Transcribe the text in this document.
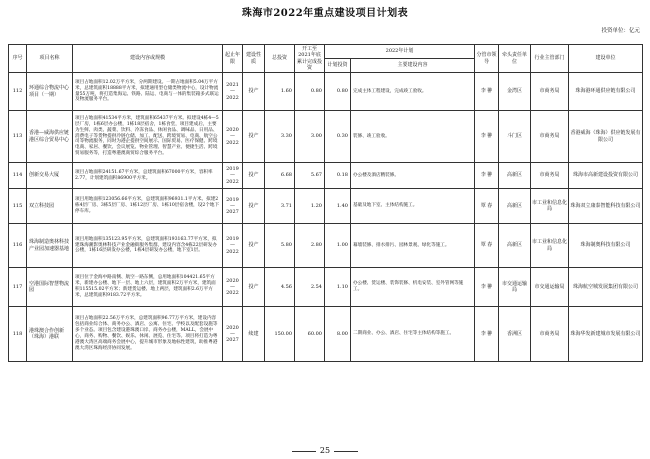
珠海市2022年重点建设项目计划表
投资单位：亿元
序号	项目名称	建设内容或规模	起止年限	建设性质	总投资	开工至2021年底累计完成投资	2022年计划		分管市领导	牵头责任单位	行业主管部门	建设单位
							计划投资	主要建设内容				
112	环通综合物流中心项目（一期）	项目占地面积12.02万平方米，分两期建设。一期占地面积5.04万平方米，总建筑面积18888平方米，拟建通用型仓储类物流中心，设计物流量55万吨，将打造集海运、铁路、陆运、电商与一体的集装箱多式联运及物流服务平台。	2021—2022	投产	1.60	0.80	0.80	完成主体工程建设，完成竣工验收。	李 翀	金湾区	市商务局	珠海港环通供应链有限公司
113	香港—威海供应链港区综合贸易中心	项目占地面积41534平方米，建筑面积65437平方米。拟建设4栋4—5层厂房，1栋6层办公楼，1栋18层宿舍，1栋食堂，项目建成后，主要为生鲜、肉类、蔬菜、饮料、冷冻食品、休闲食品、调味品、日用品、消费电子等货物提供冷链仓储、加工、配送、跨境贸易、电商、航空公司等物流服务，同时为港企提供空间展示、国际贸易、医疗保健、跨境电商、家居、餐饮、会议展览、物业管理、智慧产业、便捷生活、跨境贸易服务等，打造粤港澳商贸综合服务平台。	2020—2022	投产	3.30	3.00	0.30	装修、竣工验收。	李 翀	斗门区	市商务局	香港威海（珠海）供应链发展有限公司
114	创新交易大厦	项目占地面积24151.67平方米，总建筑面积67000平方米，容积率2.77，计划建筑面积86900平方米。	2019—2022	投产	6.68	5.67	0.18	办公楼及酒店精装修。	李 翀	高新区	市商务局	珠海市高新建设投资有限公司
115	双立科技园	项目用地面积123056.66平方米，总建筑面积96931.1平方米。拟建2栋4层厂房、3栋5层厂房、1栋12层厂房、1栋10层宿舍楼，设2个地下停车库。	2019—2027	投产	3.71	1.20	1.40	基础及地下室、主体结构施工。	覃 春	高新区	市工业和信息化局	珠海双立康泰智能科技有限公司
116	珠海制造奥林科技产业园加速器基地	项目用地面积135123.95平方米，总建筑面积193163.77平方米，拟建珠海潮影奥林科技产业金融街服务集群，建设内容含4栋22层研发办公楼，1栋16层研发办公楼，1栋4层研发办公楼，地下室1层。	2019—2022	投产	5.80	2.80	1.00	幕墙装修、排水排污、园林景观、绿化等施工。	覃 春	高新区	市工业和信息化局	珠海制奥科技有限公司
117	空港国际智慧物流园	项目位于金海中路南侧、航空一路东侧，总用地面积104421.65平方米，新建办公楼、地下一层、地上六层，建筑面积2万平方米，建筑面积115515.02平方米；新建货运楼、地上两层，建筑面积2.6万平方米，总建筑面积9183.72平方米。	2020—2022	投产	4.56	2.54	1.10	办公楼、货运楼、装饰装修、机电安装、室外管网等施工。	李 翀	市交通运输局	市交通运输局	珠海航空城发展集团有限公司
118	港珠澳合作创新（珠海）港联	项目占地面积22.56万平方米，总建筑面积96.77万平方米，建设内容包括商业综合体、商务办公、酒店、公寓、住宅、学校以及配套设施等多个业态。项目包含建设港珠澳口岸、商务办公楼，MALL，会展中心，商务、购物、餐饮、娱乐、休闲、展览、住宅等。项目将打造为粤港澳大湾区高端商务会展中心，提升城市形象及地标性建筑，助推粤港澳大湾区珠海经济协同发展。	2020—2027	续建	150.00	60.00	8.00	二期商业、办公、酒店、住宅等主体结构等施工。	李 翀	香洲区	市商务局	珠海华发新建城市发展有限公司
25
